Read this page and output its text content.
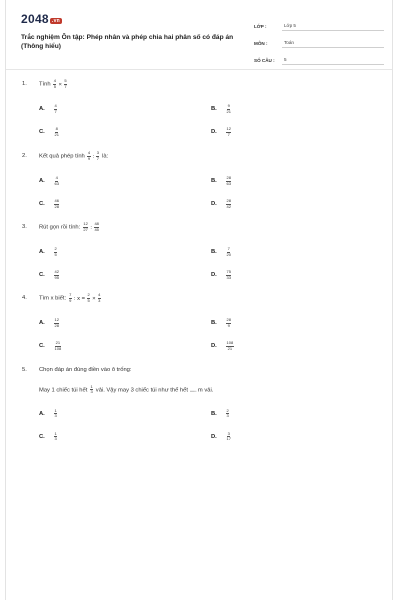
2048 .vn
Trắc nghiệm Ôn tập: Phép nhân và phép chia hai phân số có đáp án (Thông hiểu)
LỚP :	Lớp 5
MÔN :	Toán
SỐ CÂU :	5
1.	Tính $\frac{4}{5} \times \frac{5}{7}$
A.	$\frac{4}{7}$	B.	$\frac{9}{21}$
C.	$\frac{8}{21}$	D.	$\frac{12}{7}$
2.	Kết quả phép tính $\frac{4}{9}$ : $\frac{3}{7}$ là:
A.	$\frac{4}{63}$	B.	$\frac{28}{63}$
C.	$\frac{46}{28}$	D.	$\frac{28}{42}$
3.	Rút gọn rồi tính: $\frac{12}{27}$ : $\frac{48}{45}$
A.	$\frac{2}{5}$	B.	$\frac{7}{20}$
C.	$\frac{42}{95}$	D.	$\frac{75}{33}$
4.	Tìm x biết: $\frac{7}{9}$ : $x = \frac{2}{5} \times \frac{4}{3}$
A.	$\frac{12}{28}$	B.	$\frac{28}{9}$
C.	$\frac{21}{108}$	D.	$\frac{108}{21}$
5.	Chọn đáp án đúng điền vào ô trống:
May 1 chiếc túi hết $\frac{1}{3}$ vải. Vậy may 3 chiếc túi như thế hết ...... m vải.
A.	$\frac{1}{3}$	B.	$\frac{2}{3}$
C.	$\frac{1}{3}$	D.	$\frac{3}{17}$
